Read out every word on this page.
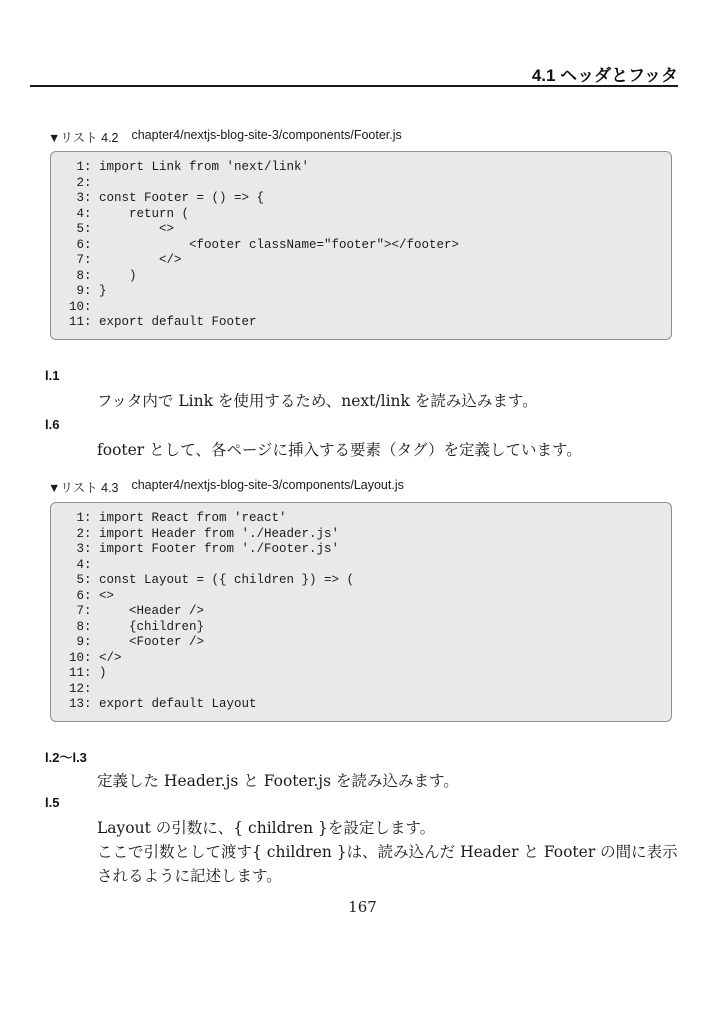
4.1 ヘッダとフッタ
▼リスト 4.2 chapter4/nextjs-blog-site-3/components/Footer.js
1: import Link from 'next/link'
2:
3: const Footer = () => {
4:     return (
5:         <>
6:             <footer className="footer"></footer>
7:         </>
8:     )
9: }
10:
11: export default Footer
l.1
フッタ内で Link を使用するため、next/link を読み込みます。
l.6
footer として、各ページに挿入する要素（タグ）を定義しています。
▼リスト 4.3 chapter4/nextjs-blog-site-3/components/Layout.js
1: import React from 'react'
2: import Header from './Header.js'
3: import Footer from './Footer.js'
4:
5: const Layout = ({ children }) => (
6: <>
7:     <Header />
8:     {children}
9:     <Footer />
10: </>
11: )
12:
13: export default Layout
l.2〜l.3
定義した Header.js と Footer.js を読み込みます。
l.5
Layout の引数に、{ children }を設定します。
ここで引数として渡す{ children }は、読み込んだ Header と Footer の間に表示されるように記述します。
167
